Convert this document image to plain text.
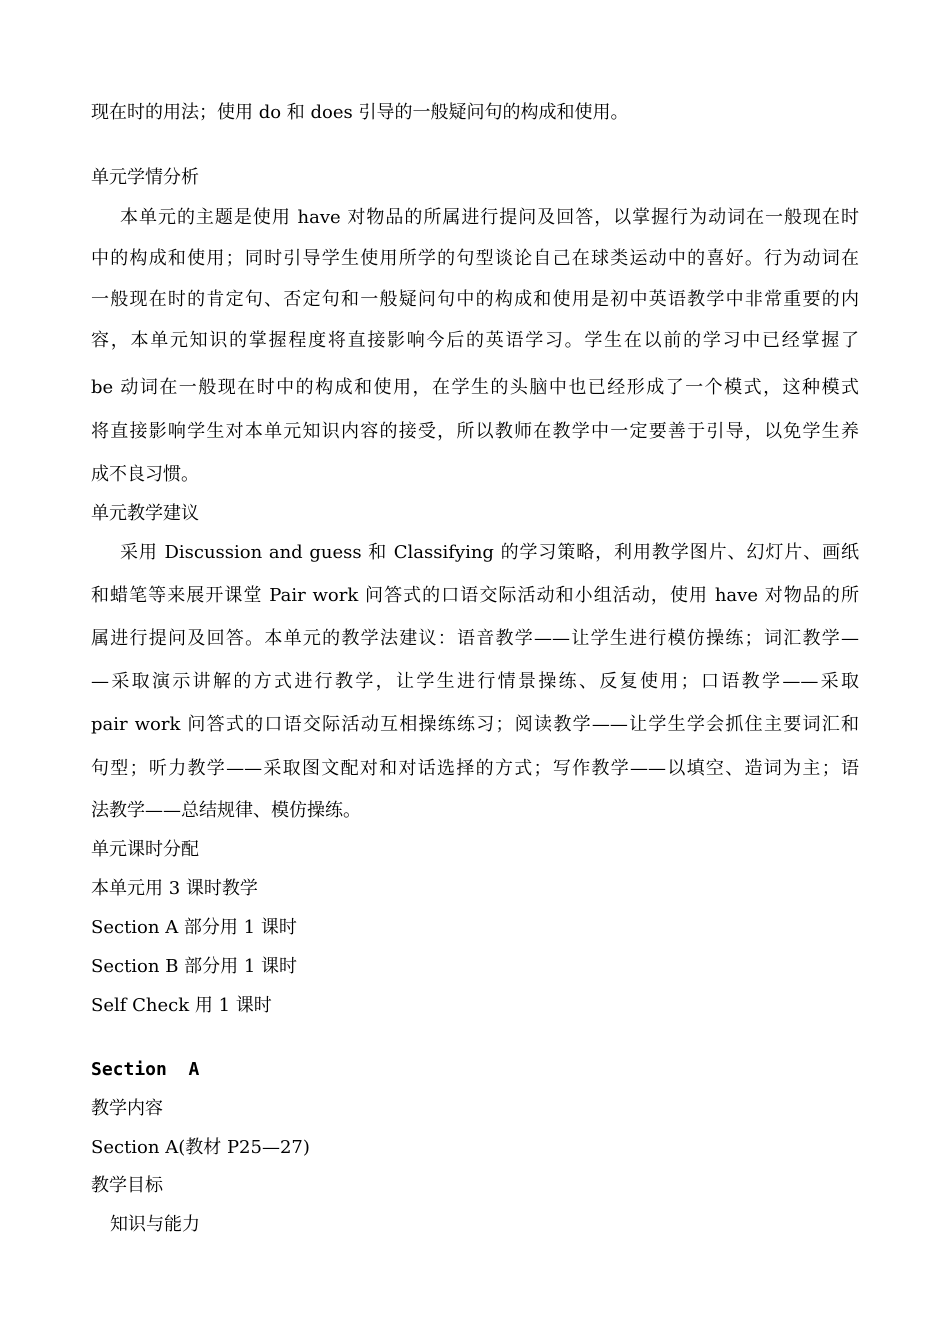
现在时的用法；使用 do 和 does 引导的一般疑问句的构成和使用。
单元学情分析
本单元的主题是使用 have 对物品的所属进行提问及回答，以掌握行为动词在一般现在时
中的构成和使用；同时引导学生使用所学的句型谈论自己在球类运动中的喜好。行为动词在
一般现在时的肯定句、否定句和一般疑问句中的构成和使用是初中英语教学中非常重要的内
容，本单元知识的掌握程度将直接影响今后的英语学习。学生在以前的学习中已经掌握了
be 动词在一般现在时中的构成和使用，在学生的头脑中也已经形成了一个模式，这种模式
将直接影响学生对本单元知识内容的接受，所以教师在教学中一定要善于引导，以免学生养
成不良习惯。
单元教学建议
采用 Discussion and guess 和 Classifying 的学习策略，利用教学图片、幻灯片、画纸
和蜡笔等来展开课堂 Pair work 问答式的口语交际活动和小组活动，使用 have 对物品的所
属进行提问及回答。本单元的教学法建议：语音教学——让学生进行模仿操练；词汇教学—
—采取演示讲解的方式进行教学，让学生进行情景操练、反复使用；口语教学——采取
pair work 问答式的口语交际活动互相操练练习；阅读教学——让学生学会抓住主要词汇和
句型；听力教学——采取图文配对和对话选择的方式；写作教学——以填空、造词为主；语
法教学——总结规律、模仿操练。
单元课时分配
本单元用 3 课时教学
Section A 部分用 1 课时
Section B 部分用 1 课时
Self Check 用 1 课时
Section  A
教学内容
Section A(教材 P25—27)
教学目标
知识与能力
